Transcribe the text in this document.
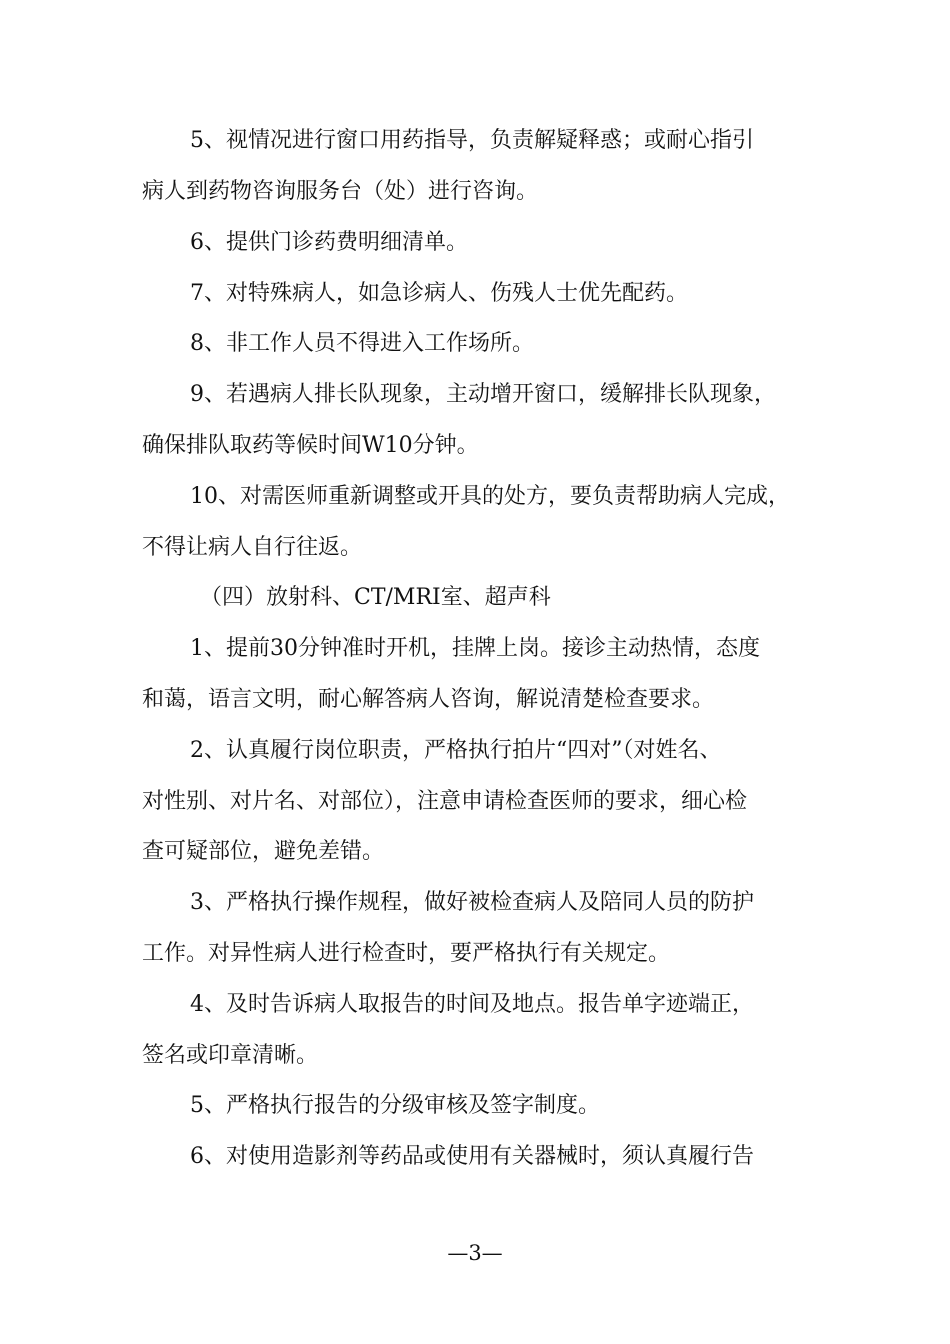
5、视情况进行窗口用药指导，负责解疑释惑；或耐心指引
病人到药物咨询服务台（处）进行咨询。
6、提供门诊药费明细清单。
7、对特殊病人，如急诊病人、伤残人士优先配药。
8、非工作人员不得进入工作场所。
9、若遇病人排长队现象，主动增开窗口，缓解排长队现象，
确保排队取药等候时间W10分钟。
10、对需医师重新调整或开具的处方，要负责帮助病人完成，
不得让病人自行往返。
（四）放射科、CT/MRI室、超声科
1、提前30分钟准时开机，挂牌上岗。接诊主动热情，态度
和蔼，语言文明，耐心解答病人咨询，解说清楚检查要求。
2、认真履行岗位职责，严格执行拍片“四对”（对姓名、
对性别、对片名、对部位），注意申请检查医师的要求，细心检
查可疑部位，避免差错。
3、严格执行操作规程，做好被检查病人及陪同人员的防护
工作。对异性病人进行检查时，要严格执行有关规定。
4、及时告诉病人取报告的时间及地点。报告单字迹端正，
签名或印章清晰。
5、严格执行报告的分级审核及签字制度。
6、对使用造影剂等药品或使用有关器械时，须认真履行告
—3—
